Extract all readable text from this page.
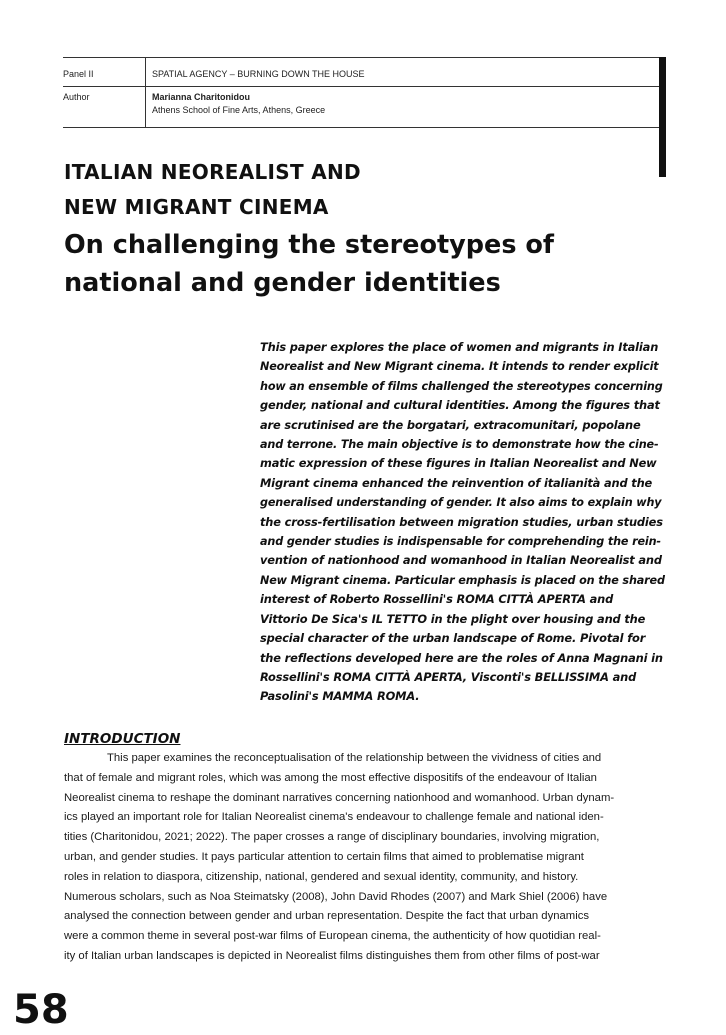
Panel II	SPATIAL AGENCY – BURNING DOWN THE HOUSE
Author	Marianna Charitonidou
Athens School of Fine Arts, Athens, Greece
ITALIAN NEOREALIST AND
NEW MIGRANT CINEMA
On challenging the stereotypes of
national and gender identities
This paper explores the place of women and migrants in Italian
Neorealist and New Migrant cinema. It intends to render explicit
how an ensemble of films challenged the stereotypes concerning
gender, national and cultural identities. Among the figures that
are scrutinised are the borgatari, extracomunitari, popolane
and terrone. The main objective is to demonstrate how the cine-
matic expression of these figures in Italian Neorealist and New
Migrant cinema enhanced the reinvention of italianità and the
generalised understanding of gender. It also aims to explain why
the cross-fertilisation between migration studies, urban studies
and gender studies is indispensable for comprehending the rein-
vention of nationhood and womanhood in Italian Neorealist and
New Migrant cinema. Particular emphasis is placed on the shared
interest of Roberto Rossellini's ROMA CITTÀ APERTA and
Vittorio De Sica's IL TETTO in the plight over housing and the
special character of the urban landscape of Rome. Pivotal for
the reflections developed here are the roles of Anna Magnani in
Rossellini's ROMA CITTÀ APERTA, Visconti's BELLISSIMA and
Pasolini's MAMMA ROMA.
INTRODUCTION
This paper examines the reconceptualisation of the relationship between the vividness of cities and
that of female and migrant roles, which was among the most effective dispositifs of the endeavour of Italian
Neorealist cinema to reshape the dominant narratives concerning nationhood and womanhood. Urban dynam-
ics played an important role for Italian Neorealist cinema's endeavour to challenge female and national iden-
tities (Charitonidou, 2021; 2022). The paper crosses a range of disciplinary boundaries, involving migration,
urban, and gender studies. It pays particular attention to certain films that aimed to problematise migrant
roles in relation to diaspora, citizenship, national, gendered and sexual identity, community, and history.
Numerous scholars, such as Noa Steimatsky (2008), John David Rhodes (2007) and Mark Shiel (2006) have
analysed the connection between gender and urban representation. Despite the fact that urban dynamics
were a common theme in several post-war films of European cinema, the authenticity of how quotidian real-
ity of Italian urban landscapes is depicted in Neorealist films distinguishes them from other films of post-war
58
